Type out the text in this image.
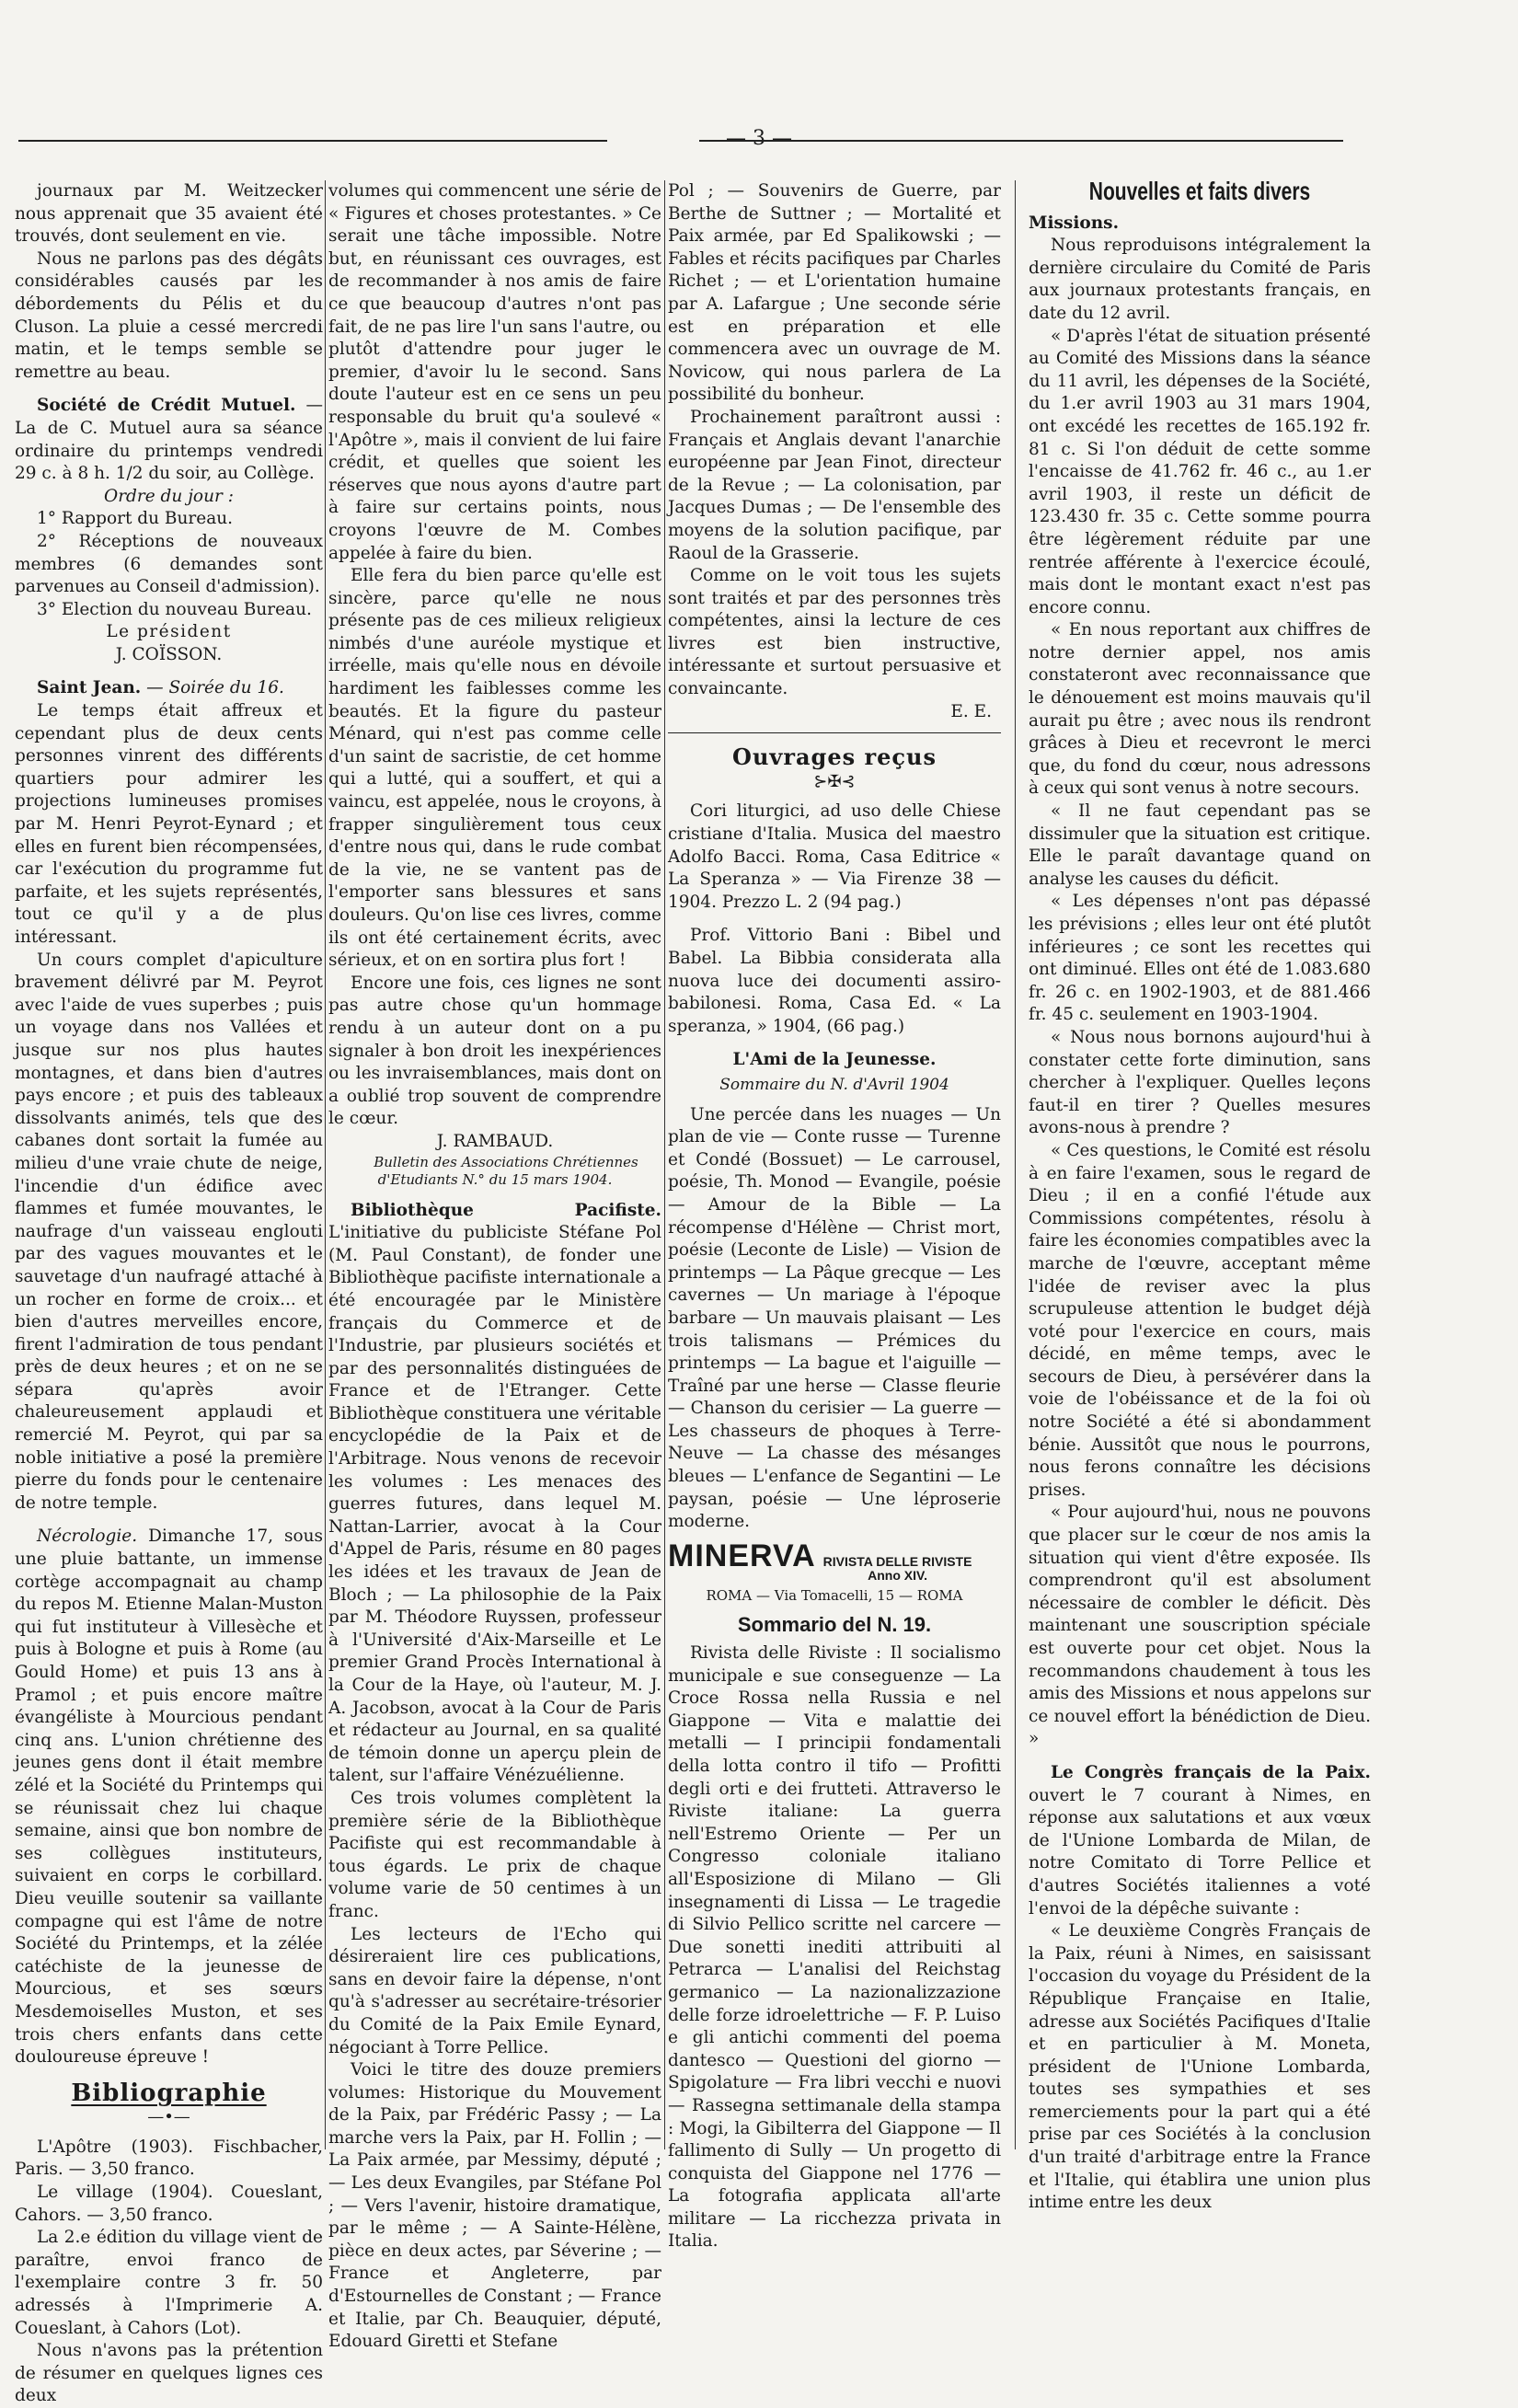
— 3 —

journaux par M. Weitzecker nous apprenait que 35 avaient été trouvés, dont seulement en vie.

Nous ne parlons pas des dégâts considérables causés par les débordements du Pélis et du Cluson. La pluie a cessé mercredi matin, et le temps semble se remettre au beau.

Société de Crédit Mutuel. — La de C. Mutuel aura sa séance ordinaire du printemps vendredi 29 c. à 8 h. 1/2 du soir, au Collège.

Ordre du jour :

1° Rapport du Bureau.

2° Réceptions de nouveaux membres (6 demandes sont parvenues au Conseil d'admission).

3° Election du nouveau Bureau.

Le président

J. COÏSSON.

Saint Jean. — Soirée du 16.

Le temps était affreux et cependant plus de deux cents personnes vinrent des différents quartiers pour admirer les projections lumineuses promises par M. Henri Peyrot-Eynard ; et elles en furent bien récompensées, car l'exécution du programme fut parfaite, et les sujets représentés, tout ce qu'il y a de plus intéressant.

Un cours complet d'apiculture bravement délivré par M. Peyrot avec l'aide de vues superbes ; puis un voyage dans nos Vallées et jusque sur nos plus hautes montagnes, et dans bien d'autres pays encore ; et puis des tableaux dissolvants animés, tels que des cabanes dont sortait la fumée au milieu d'une vraie chute de neige, l'incendie d'un édifice avec flammes et fumée mouvantes, le naufrage d'un vaisseau englouti par des vagues mouvantes et le sauvetage d'un naufragé attaché à un rocher en forme de croix... et bien d'autres merveilles encore, firent l'admiration de tous pendant près de deux heures ; et on ne se sépara qu'après avoir chaleureusement applaudi et remercié M. Peyrot, qui par sa noble initiative a posé la première pierre du fonds pour le centenaire de notre temple.

Nécrologie. Dimanche 17, sous une pluie battante, un immense cortège accompagnait au champ du repos M. Etienne Malan-Muston qui fut instituteur à Villesèche et puis à Bologne et puis à Rome (au Gould Home) et puis 13 ans à Pramol ; et puis encore maître évangéliste à Mourcious pendant cinq ans. L'union chrétienne des jeunes gens dont il était membre zélé et la Société du Printemps qui se réunissait chez lui chaque semaine, ainsi que bon nombre de ses collègues instituteurs, suivaient en corps le corbillard. Dieu veuille soutenir sa vaillante compagne qui est l'âme de notre Société du Printemps, et la zélée catéchiste de la jeunesse de Mourcious, et ses sœurs Mesdemoiselles Muston, et ses trois chers enfants dans cette douloureuse épreuve !

Bibliographie
—•—

L'Apôtre (1903). Fischbacher, Paris. — 3,50 franco.

Le village (1904). Coueslant, Cahors. — 3,50 franco.

La 2.e édition du village vient de paraître, envoi franco de l'exemplaire contre 3 fr. 50 adressés à l'Imprimerie A. Coueslant, à Cahors (Lot).

Nous n'avons pas la prétention de résumer en quelques lignes ces deux

volumes qui commencent une série de « Figures et choses protestantes. » Ce serait une tâche impossible. Notre but, en réunissant ces ouvrages, est de recommander à nos amis de faire ce que beaucoup d'autres n'ont pas fait, de ne pas lire l'un sans l'autre, ou plutôt d'attendre pour juger le premier, d'avoir lu le second. Sans doute l'auteur est en ce sens un peu responsable du bruit qu'a soulevé « l'Apôtre », mais il convient de lui faire crédit, et quelles que soient les réserves que nous ayons d'autre part à faire sur certains points, nous croyons l'œuvre de M. Combes appelée à faire du bien.

Elle fera du bien parce qu'elle est sincère, parce qu'elle ne nous présente pas de ces milieux religieux nimbés d'une auréole mystique et irréelle, mais qu'elle nous en dévoile hardiment les faiblesses comme les beautés. Et la figure du pasteur Ménard, qui n'est pas comme celle d'un saint de sacristie, de cet homme qui a lutté, qui a souffert, et qui a vaincu, est appelée, nous le croyons, à frapper singulièrement tous ceux d'entre nous qui, dans le rude combat de la vie, ne se vantent pas de l'emporter sans blessures et sans douleurs. Qu'on lise ces livres, comme ils ont été certainement écrits, avec sérieux, et on en sortira plus fort !

Encore une fois, ces lignes ne sont pas autre chose qu'un hommage rendu à un auteur dont on a pu signaler à bon droit les inexpériences ou les invraisemblances, mais dont on a oublié trop souvent de comprendre le cœur.

J. RAMBAUD.

Bulletin des Associations Chrétiennes d'Etudiants N.° du 15 mars 1904.

Bibliothèque Pacifiste. L'initiative du publiciste Stéfane Pol (M. Paul Constant), de fonder une Bibliothèque pacifiste internationale a été encouragée par le Ministère français du Commerce et de l'Industrie, par plusieurs sociétés et par des personnalités distinguées de France et de l'Etranger. Cette Bibliothèque constituera une véritable encyclopédie de la Paix et de l'Arbitrage. Nous venons de recevoir les volumes : Les menaces des guerres futures, dans lequel M. Nattan-Larrier, avocat à la Cour d'Appel de Paris, résume en 80 pages les idées et les travaux de Jean de Bloch ; — La philosophie de la Paix par M. Théodore Ruyssen, professeur à l'Université d'Aix-Marseille et Le premier Grand Procès International à la Cour de la Haye, où l'auteur, M. J. A. Jacobson, avocat à la Cour de Paris et rédacteur au Journal, en sa qualité de témoin donne un aperçu plein de talent, sur l'affaire Vénézuélienne.

Ces trois volumes complètent la première série de la Bibliothèque Pacifiste qui est recommandable à tous égards. Le prix de chaque volume varie de 50 centimes à un franc.

Les lecteurs de l'Echo qui désireraient lire ces publications, sans en devoir faire la dépense, n'ont qu'à s'adresser au secrétaire-trésorier du Comité de la Paix Emile Eynard, négociant à Torre Pellice.

Voici le titre des douze premiers volumes: Historique du Mouvement de la Paix, par Frédéric Passy ; — La marche vers la Paix, par H. Follin ; — La Paix armée, par Messimy, député ; — Les deux Evangiles, par Stéfane Pol ; — Vers l'avenir, histoire dramatique, par le même ; — A Sainte-Hélène, pièce en deux actes, par Séverine ; — France et Angleterre, par d'Estournelles de Constant ; — France et Italie, par Ch. Beauquier, député, Edouard Giretti et Stefane

Pol ; — Souvenirs de Guerre, par Berthe de Suttner ; — Mortalité et Paix armée, par Ed Spalikowski ; — Fables et récits pacifiques par Charles Richet ; — et L'orientation humaine par A. Lafargue ; Une seconde série est en préparation et elle commencera avec un ouvrage de M. Novicow, qui nous parlera de La possibilité du bonheur.

Prochainement paraîtront aussi : Français et Anglais devant l'anarchie européenne par Jean Finot, directeur de la Revue ; — La colonisation, par Jacques Dumas ; — De l'ensemble des moyens de la solution pacifique, par Raoul de la Grasserie.

Comme on le voit tous les sujets sont traités et par des personnes très compétentes, ainsi la lecture de ces livres est bien instructive, intéressante et surtout persuasive et convaincante.

E. E.

Ouvrages reçus
⊱✠⊰

Cori liturgici, ad uso delle Chiese cristiane d'Italia. Musica del maestro Adolfo Bacci. Roma, Casa Editrice « La Speranza » — Via Firenze 38 — 1904. Prezzo L. 2 (94 pag.)

Prof. Vittorio Bani : Bibel und Babel. La Bibbia considerata alla nuova luce dei documenti assiro-babilonesi. Roma, Casa Ed. « La speranza, » 1904, (66 pag.)

L'Ami de la Jeunesse.

Sommaire du N. d'Avril 1904

Une percée dans les nuages — Un plan de vie — Conte russe — Turenne et Condé (Bossuet) — Le carrousel, poésie, Th. Monod — Evangile, poésie — Amour de la Bible — La récompense d'Hélène — Christ mort, poésie (Leconte de Lisle) — Vision de printemps — La Pâque grecque — Les cavernes — Un mariage à l'époque barbare — Un mauvais plaisant — Les trois talismans — Prémices du printemps — La bague et l'aiguille — Traîné par une herse — Classe fleurie — Chanson du cerisier — La guerre — Les chasseurs de phoques à Terre-Neuve — La chasse des mésanges bleues — L'enfance de Segantini — Le paysan, poésie — Une léproserie moderne.

MINERVA RIVISTA DELLE RIVISTE
Anno XIV.
ROMA — Via Tomacelli, 15 — ROMA
Sommario del N. 19.

Rivista delle Riviste : Il socialismo municipale e sue conseguenze — La Croce Rossa nella Russia e nel Giappone — Vita e malattie dei metalli — I principii fondamentali della lotta contro il tifo — Profitti degli orti e dei frutteti. Attraverso le Riviste italiane: La guerra nell'Estremo Oriente — Per un Congresso coloniale italiano all'Esposizione di Milano — Gli insegnamenti di Lissa — Le tragedie di Silvio Pellico scritte nel carcere — Due sonetti inediti attribuiti al Petrarca — L'analisi del Reichstag germanico — La nazionalizzazione delle forze idroelettriche — F. P. Luiso e gli antichi commenti del poema dantesco — Questioni del giorno — Spigolature — Fra libri vecchi e nuovi — Rassegna settimanale della stampa : Mogi, la Gibilterra del Giappone — Il fallimento di Sully — Un progetto di conquista del Giappone nel 1776 — La fotografia applicata all'arte militare — La ricchezza privata in Italia.

Nouvelles et faits divers

Missions.

Nous reproduisons intégralement la dernière circulaire du Comité de Paris aux journaux protestants français, en date du 12 avril.

« D'après l'état de situation présenté au Comité des Missions dans la séance du 11 avril, les dépenses de la Société, du 1.er avril 1903 au 31 mars 1904, ont excédé les recettes de 165.192 fr. 81 c. Si l'on déduit de cette somme l'encaisse de 41.762 fr. 46 c., au 1.er avril 1903, il reste un déficit de 123.430 fr. 35 c. Cette somme pourra être légèrement réduite par une rentrée afférente à l'exercice écoulé, mais dont le montant exact n'est pas encore connu.

« En nous reportant aux chiffres de notre dernier appel, nos amis constateront avec reconnaissance que le dénouement est moins mauvais qu'il aurait pu être ; avec nous ils rendront grâces à Dieu et recevront le merci que, du fond du cœur, nous adressons à ceux qui sont venus à notre secours.

« Il ne faut cependant pas se dissimuler que la situation est critique. Elle le paraît davantage quand on analyse les causes du déficit.

« Les dépenses n'ont pas dépassé les prévisions ; elles leur ont été plutôt inférieures ; ce sont les recettes qui ont diminué. Elles ont été de 1.083.680 fr. 26 c. en 1902-1903, et de 881.466 fr. 45 c. seulement en 1903-1904.

« Nous nous bornons aujourd'hui à constater cette forte diminution, sans chercher à l'expliquer. Quelles leçons faut-il en tirer ? Quelles mesures avons-nous à prendre ?

« Ces questions, le Comité est résolu à en faire l'examen, sous le regard de Dieu ; il en a confié l'étude aux Commissions compétentes, résolu à faire les économies compatibles avec la marche de l'œuvre, acceptant même l'idée de reviser avec la plus scrupuleuse attention le budget déjà voté pour l'exercice en cours, mais décidé, en même temps, avec le secours de Dieu, à persévérer dans la voie de l'obéissance et de la foi où notre Société a été si abondamment bénie. Aussitôt que nous le pourrons, nous ferons connaître les décisions prises.

« Pour aujourd'hui, nous ne pouvons que placer sur le cœur de nos amis la situation qui vient d'être exposée. Ils comprendront qu'il est absolument nécessaire de combler le déficit. Dès maintenant une souscription spéciale est ouverte pour cet objet. Nous la recommandons chaudement à tous les amis des Missions et nous appelons sur ce nouvel effort la bénédiction de Dieu. »

Le Congrès français de la Paix. ouvert le 7 courant à Nimes, en réponse aux salutations et aux vœux de l'Unione Lombarda de Milan, de notre Comitato di Torre Pellice et d'autres Sociétés italiennes a voté l'envoi de la dépêche suivante :

« Le deuxième Congrès Français de la Paix, réuni à Nimes, en saisissant l'occasion du voyage du Président de la République Française en Italie, adresse aux Sociétés Pacifiques d'Italie et en particulier à M. Moneta, président de l'Unione Lombarda, toutes ses sympathies et ses remerciements pour la part qui a été prise par ces Sociétés à la conclusion d'un traité d'arbitrage entre la France et l'Italie, qui établira une union plus intime entre les deux
